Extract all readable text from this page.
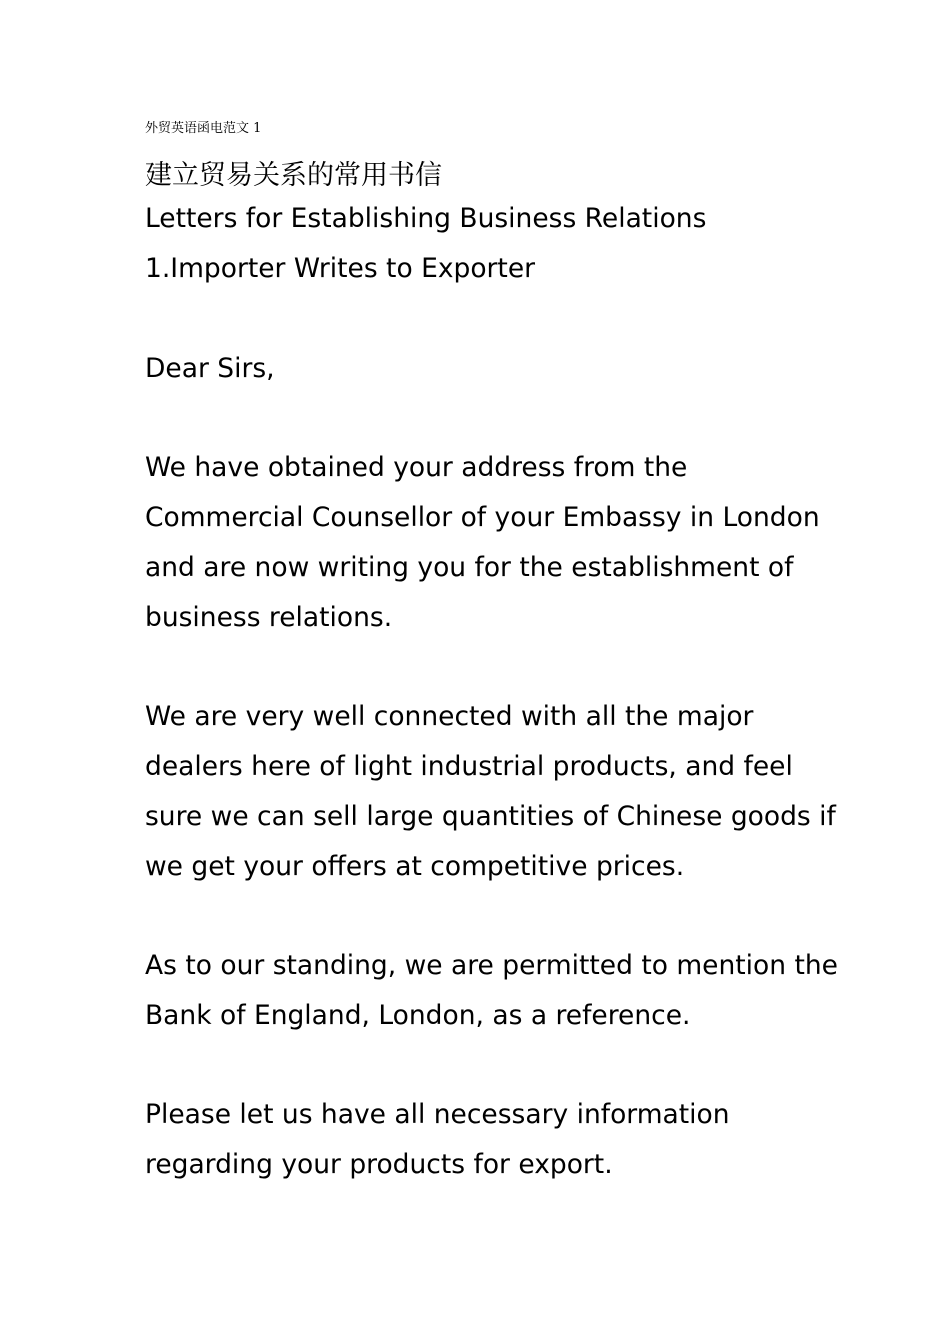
外贸英语函电范文 1
建立贸易关系的常用书信
Letters for Establishing Business Relations
1.Importer Writes to Exporter
Dear Sirs,
We have obtained your address from the
Commercial Counsellor of your Embassy in London
and are now writing you for the establishment of
business relations.
We are very well connected with all the major
dealers here of light industrial products, and feel
sure we can sell large quantities of Chinese goods if
we get your offers at competitive prices.
As to our standing, we are permitted to mention the
Bank of England, London, as a reference.
Please let us have all necessary information
regarding your products for export.
